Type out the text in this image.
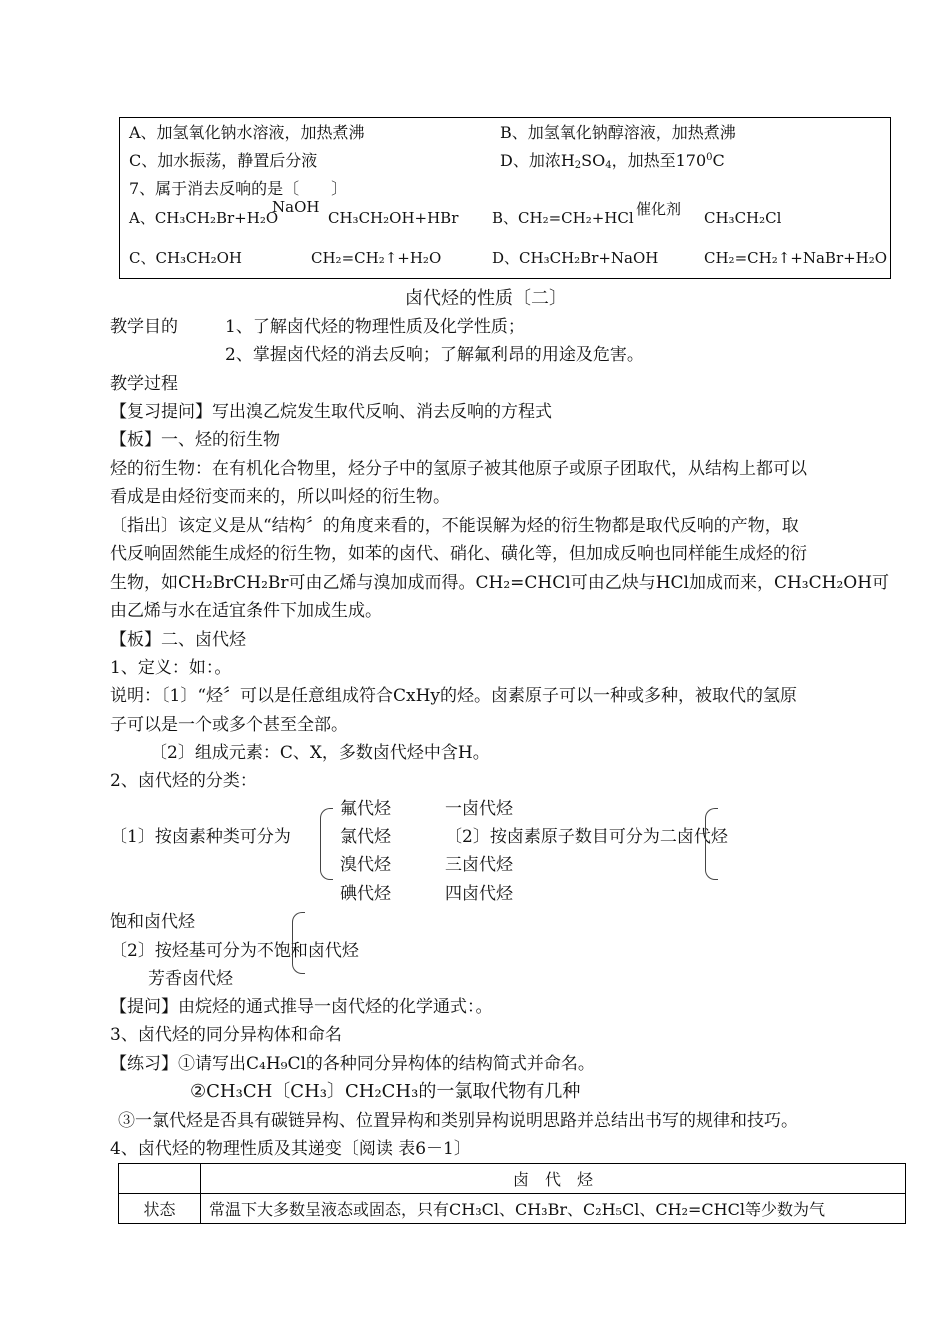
A、加氢氧化钠水溶液，加热煮沸	B、加氢氧化钠醇溶液，加热煮沸
C、加水振荡，静置后分液	D、加浓$H_2SO_4$，加热至$170^0C$
7、属于消去反响的是〔　　〕
A、CH₃CH₂Br+H₂O
NaOH
CH₃CH₂OH+HBr B、CH₂=CH₂+HCl 催化剂 CH₃CH₂Cl
C、CH₃CH₂OH	CH₂=CH₂↑+H₂O	D、CH₃CH₂Br+NaOH	CH₂=CH₂↑+NaBr+H₂O
卤代烃的性质〔二〕
教学目的	1、了解卤代烃的物理性质及化学性质；
2、掌握卤代烃的消去反响；了解氟利昂的用途及危害。
教学过程
【复习提问】写出溴乙烷发生取代反响、消去反响的方程式
【板】一、烃的衍生物
烃的衍生物：在有机化合物里，烃分子中的氢原子被其他原子或原子团取代，从结构上都可以
看成是由烃衍变而来的，所以叫烃的衍生物。
〔指出〕该定义是从“结构〞的角度来看的，不能误解为烃的衍生物都是取代反响的产物，取
代反响固然能生成烃的衍生物，如苯的卤代、硝化、磺化等，但加成反响也同样能生成烃的衍
生物，如CH₂BrCH₂Br可由乙烯与溴加成而得。CH₂=CHCl可由乙炔与HCl加成而来，CH₃CH₂OH可
由乙烯与水在适宜条件下加成生成。
【板】二、卤代烃
1、定义：如：。
说明：〔1〕“烃〞可以是任意组成符合CxHy的烃。卤素原子可以一种或多种，被取代的氢原
子可以是一个或多个甚至全部。
〔2〕组成元素：C、X，多数卤代烃中含H。
2、卤代烃的分类：
〔1〕按卤素种类可分为
氟代烃
氯代烃
溴代烃
碘代烃
一卤代烃
〔2〕按卤素原子数目可分为二卤代烃
三卤代烃
四卤代烃
饱和卤代烃
〔2〕按烃基可分为不饱和卤代烃
芳香卤代烃
【提问】由烷烃的通式推导一卤代烃的化学通式：。
3、卤代烃的同分异构体和命名
【练习】①请写出C₄H₉Cl的各种同分异构体的结构简式并命名。
②CH₃CH〔CH₃〕CH₂CH₃的一氯取代物有几种
③一氯代烃是否具有碳链异构、位置异构和类别异构说明思路并总结出书写的规律和技巧。
4、卤代烃的物理性质及其递变〔阅读 表6－1〕
	卤　代　烃
状态	常温下大多数呈液态或固态，只有CH₃Cl、CH₃Br、C₂H₅Cl、CH₂=CHCl等少数为气
